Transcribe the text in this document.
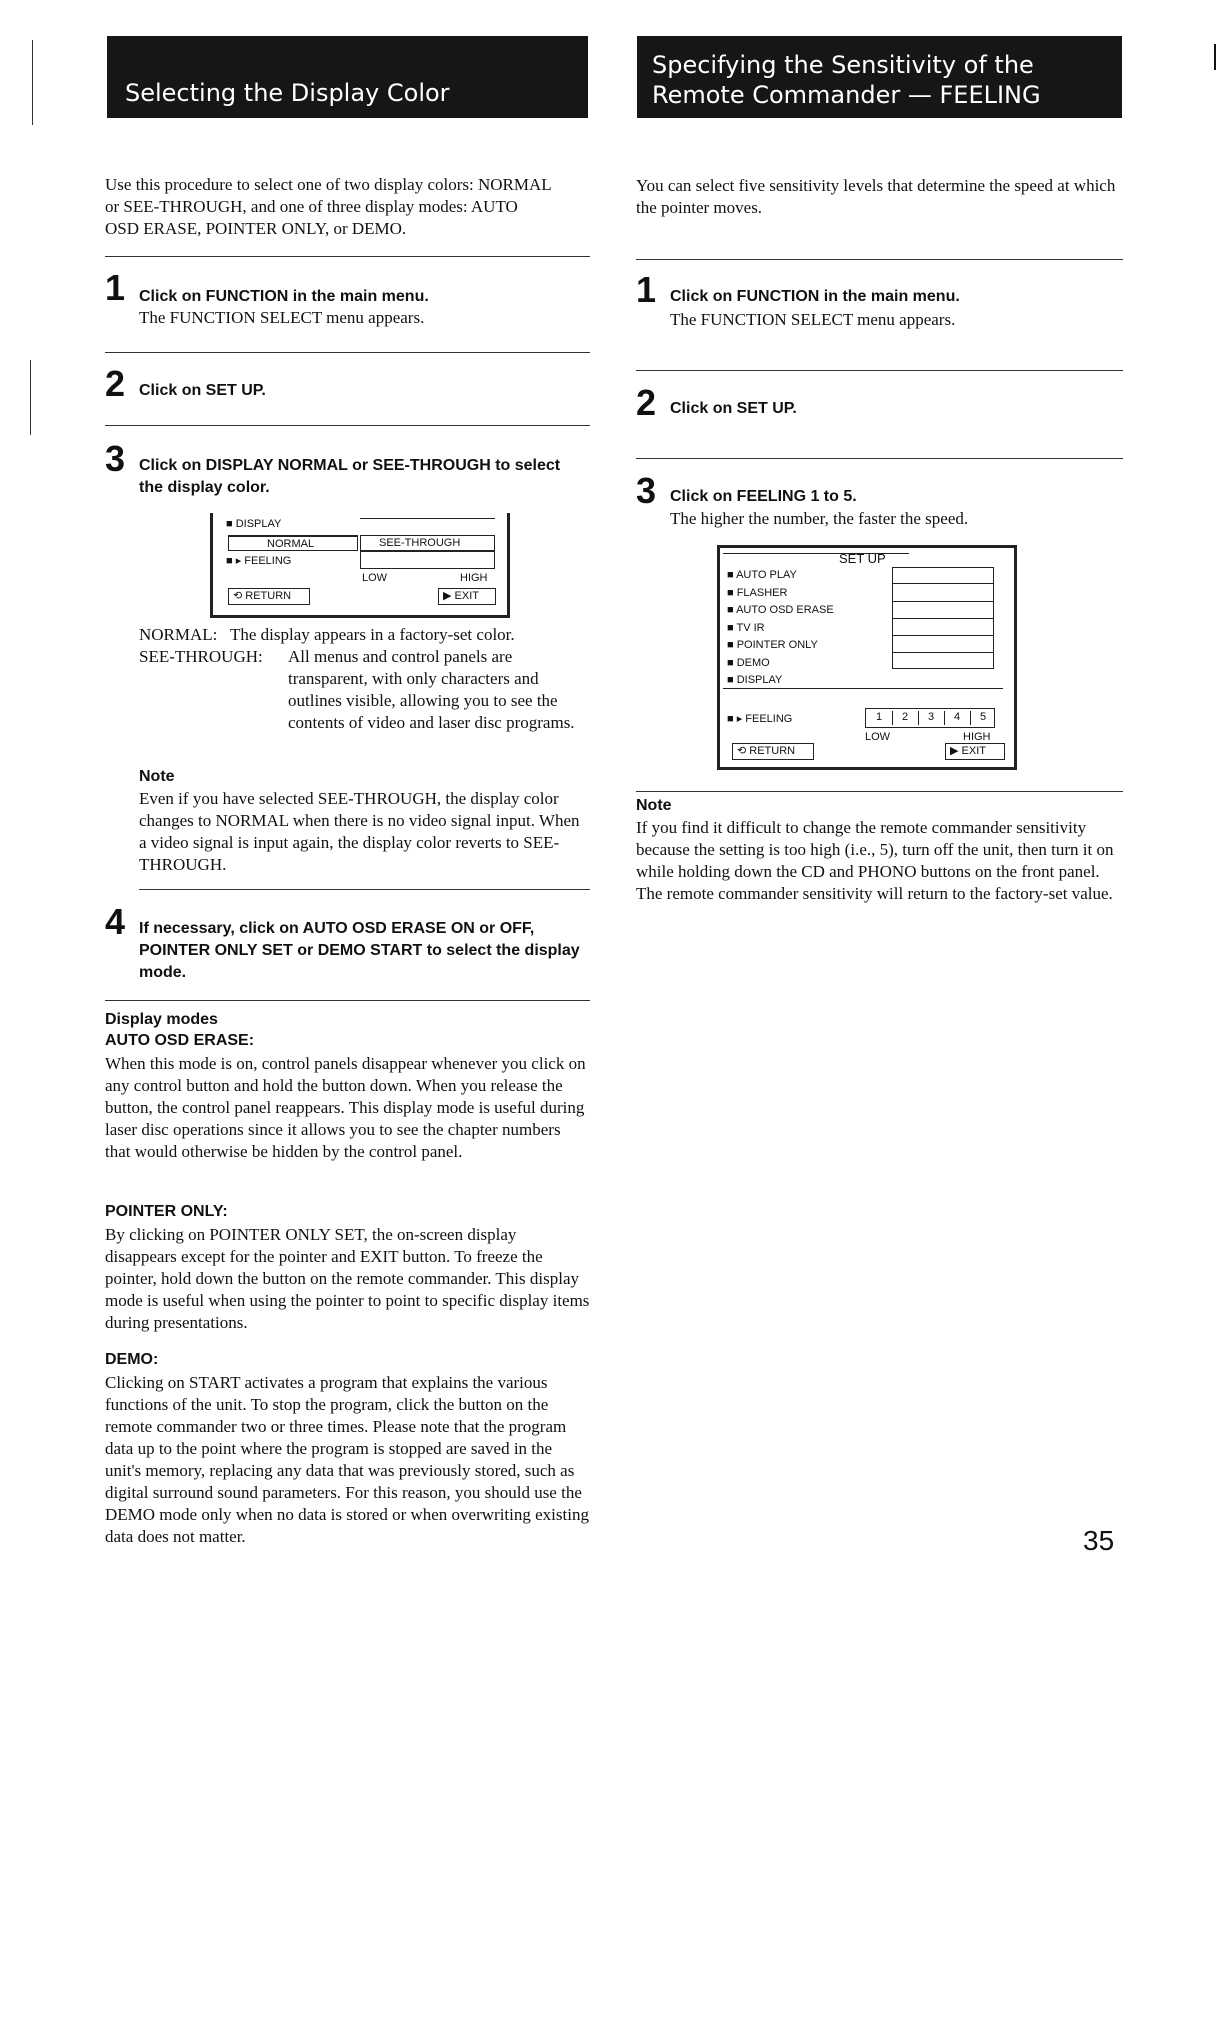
Selecting the Display Color
Use this procedure to select one of two display colors: NORMAL or SEE-THROUGH, and one of three display modes: AUTO OSD ERASE, POINTER ONLY, or DEMO.
1 Click on FUNCTION in the main menu.
The FUNCTION SELECT menu appears.
2 Click on SET UP.
3 Click on DISPLAY NORMAL or SEE-THROUGH to select the display color.
■ DISPLAY
NORMAL	SEE-THROUGH
■ ▸ FEELING
LOW	HIGH
⟲ RETURN	▶ EXIT
NORMAL: The display appears in a factory-set color.
SEE-THROUGH: All menus and control panels are transparent, with only characters and outlines visible, allowing you to see the contents of video and laser disc programs.
Note
Even if you have selected SEE-THROUGH, the display color changes to NORMAL when there is no video signal input. When a video signal is input again, the display color reverts to SEE-THROUGH.
4 If necessary, click on AUTO OSD ERASE ON or OFF, POINTER ONLY SET or DEMO START to select the display mode.
Display modes
AUTO OSD ERASE:
When this mode is on, control panels disappear whenever you click on any control button and hold the button down. When you release the button, the control panel reappears. This display mode is useful during laser disc operations since it allows you to see the chapter numbers that would otherwise be hidden by the control panel.
POINTER ONLY:
By clicking on POINTER ONLY SET, the on-screen display disappears except for the pointer and EXIT button. To freeze the pointer, hold down the button on the remote commander. This display mode is useful when using the pointer to point to specific display items during presentations.
DEMO:
Clicking on START activates a program that explains the various functions of the unit. To stop the program, click the button on the remote commander two or three times. Please note that the program data up to the point where the program is stopped are saved in the unit's memory, replacing any data that was previously stored, such as digital surround sound parameters. For this reason, you should use the DEMO mode only when no data is stored or when overwriting existing data does not matter.
Specifying the Sensitivity of the
Remote Commander — FEELING
You can select five sensitivity levels that determine the speed at which the pointer moves.
1 Click on FUNCTION in the main menu.
The FUNCTION SELECT menu appears.
2 Click on SET UP.
3 Click on FEELING 1 to 5.
The higher the number, the faster the speed.
SET UP
■ AUTO PLAY
■ FLASHER
■ AUTO OSD ERASE
■ TV IR
■ POINTER ONLY
■ DEMO
■ DISPLAY
■ ▸ FEELING	1	2	3	4	5
LOW	HIGH
⟲ RETURN	▶ EXIT
Note
If you find it difficult to change the remote commander sensitivity because the setting is too high (i.e., 5), turn off the unit, then turn it on while holding down the CD and PHONO buttons on the front panel. The remote commander sensitivity will return to the factory-set value.
35
